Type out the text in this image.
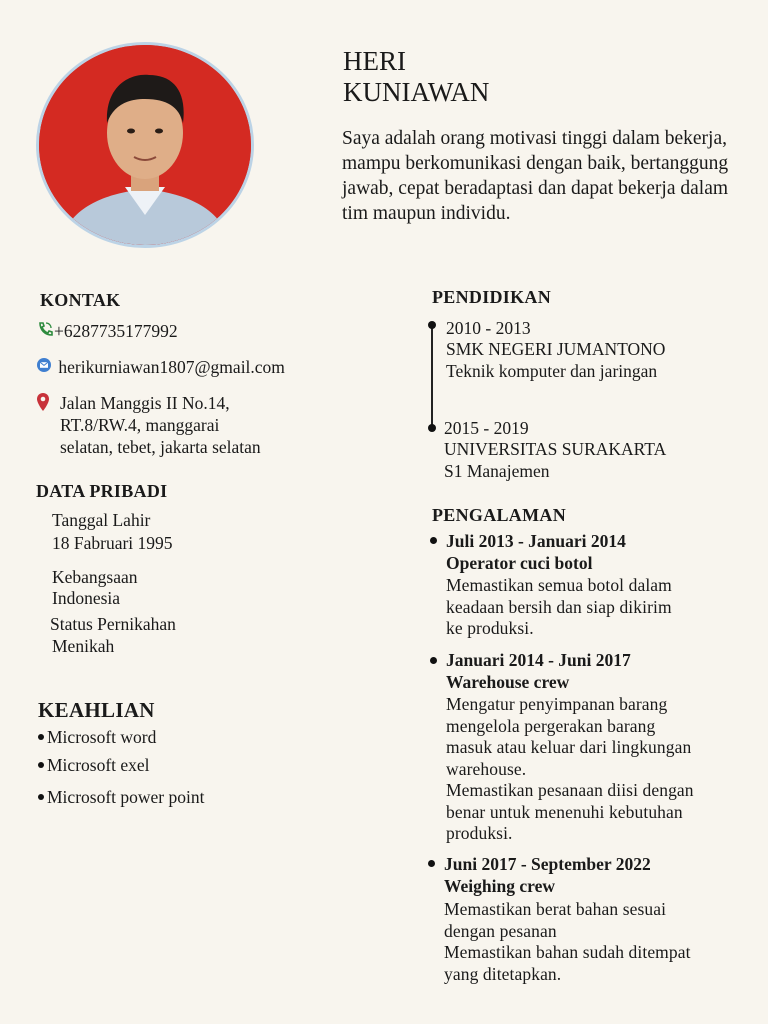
HERI
KUNIAWAN

Saya adalah orang motivasi tinggi dalam bekerja, mampu berkomunikasi dengan baik, bertanggung jawab, cepat beradaptasi dan dapat bekerja dalam tim maupun individu.

KONTAK
+6287735177992
herikurniawan1807@gmail.com
Jalan Manggis II No.14,
RT.8/RW.4, manggarai
selatan, tebet, jakarta selatan
DATA PRIBADI
Tanggal Lahir
18 Fabruari 1995
Kebangsaan
Indonesia
Status Pernikahan
Menikah
KEAHLIAN
Microsoft word
Microsoft exel
Microsoft power point
PENDIDIKAN
2010 - 2013
SMK NEGERI JUMANTONO
Teknik komputer dan jaringan
2015 - 2019
UNIVERSITAS SURAKARTA
S1 Manajemen
PENGALAMAN
Juli 2013 - Januari 2014
Operator cuci botol
Memastikan semua botol dalam
keadaan bersih dan siap dikirim
ke produksi.
Januari 2014 - Juni 2017
Warehouse crew
Mengatur penyimpanan barang
mengelola pergerakan barang
masuk atau keluar dari lingkungan
warehouse.
Memastikan pesanaan diisi dengan
benar untuk menenuhi kebutuhan
produksi.
Juni 2017 - September 2022
Weighing crew
Memastikan berat bahan sesuai
dengan pesanan
Memastikan bahan sudah ditempat
yang ditetapkan.
